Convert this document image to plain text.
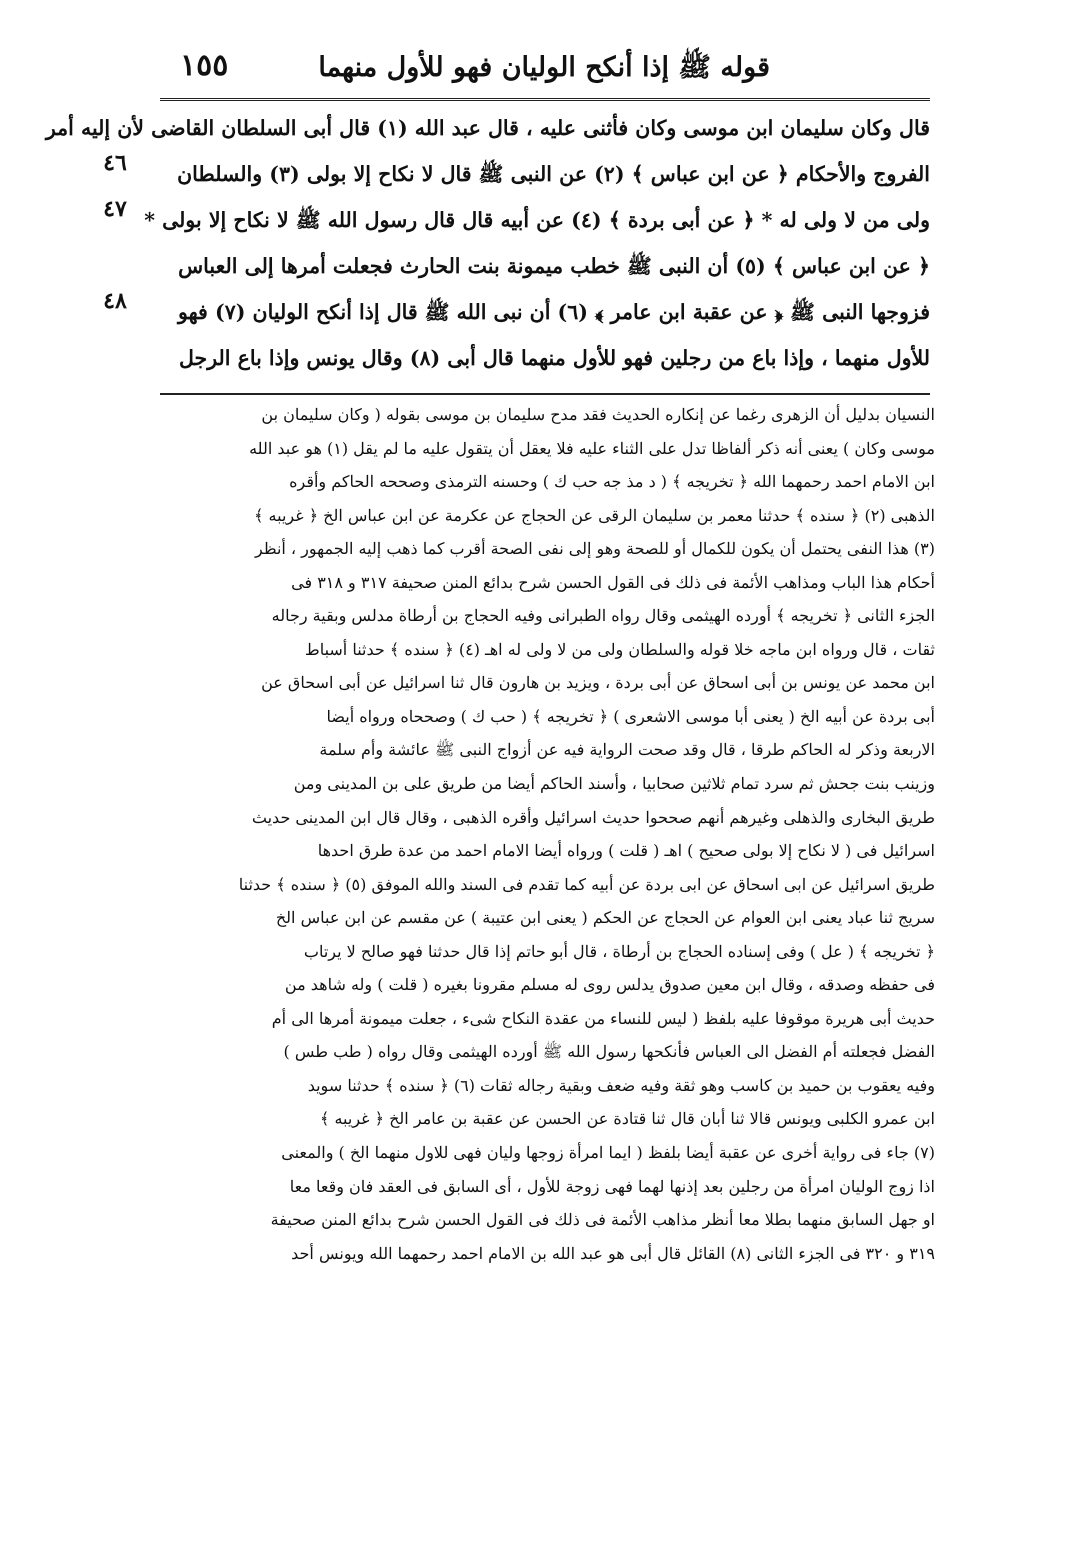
قوله ﷺ إذا أنكح الوليان فهو للأول منهما
١٥٥
قال وكان سليمان ابن موسى وكان فأثنى عليه ، قال عبد الله (١) قال أبى السلطان القاضى لأن إليه أمر
الفروج والأحكام ﴿ عن ابن عباس ﴾ (٢) عن النبى ﷺ قال لا نكاح إلا بولى (٣) والسلطان
ولى من لا ولى له * ﴿ عن أبى بردة ﴾ (٤) عن أبيه قال قال رسول الله ﷺ لا نكاح إلا بولى *
﴿ عن ابن عباس ﴾ (٥) أن النبى ﷺ خطب ميمونة بنت الحارث فجعلت أمرها إلى العباس
فزوجها النبى ﷺ ﴿ عن عقبة ابن عامر ﴾ (٦) أن نبى الله ﷺ قال إذا أنكح الوليان (٧) فهو
للأول منهما ، وإذا باع من رجلين فهو للأول منهما قال أبى (٨) وقال يونس وإذا باع الرجل
٤٦
٤٧
٤٨
النسيان بدليل أن الزهرى رغما عن إنكاره الحديث فقد مدح سليمان بن موسى بقوله ( وكان سليمان بن
موسى وكان ) يعنى أنه ذكر ألفاظا تدل على الثناء عليه فلا يعقل أن يتقول عليه ما لم يقل (١) هو عبد الله
ابن الامام احمد رحمهما الله ﴿ تخريجه ﴾ ( د مذ جه حب ك ) وحسنه الترمذى وصححه الحاكم وأقره
الذهبى (٢) ﴿ سنده ﴾ حدثنا معمر بن سليمان الرقى عن الحجاج عن عكرمة عن ابن عباس الخ ﴿ غريبه ﴾
(٣) هذا النفى يحتمل أن يكون للكمال أو للصحة وهو إلى نفى الصحة أقرب كما ذهب إليه الجمهور ، أنظر
أحكام هذا الباب ومذاهب الأئمة فى ذلك فى القول الحسن شرح بدائع المنن صحيفة ٣١٧ و ٣١٨ فى
الجزء الثانى ﴿ تخريجه ﴾ أورده الهيثمى وقال رواه الطبرانى وفيه الحجاج بن أرطاة مدلس وبقية رجاله
ثقات ، قال ورواه ابن ماجه خلا قوله والسلطان ولى من لا ولى له اهـ (٤) ﴿ سنده ﴾ حدثنا أسباط
ابن محمد عن يونس بن أبى اسحاق عن أبى بردة ، ويزيد بن هارون قال ثنا اسرائيل عن أبى اسحاق عن
أبى بردة عن أبيه الخ ( يعنى أبا موسى الاشعرى ) ﴿ تخريجه ﴾ ( حب ك ) وصححاه ورواه أيضا
الاربعة وذكر له الحاكم طرقا ، قال وقد صحت الرواية فيه عن أزواج النبى ﷺ عائشة وأم سلمة
وزينب بنت جحش ثم سرد تمام ثلاثين صحابيا ، وأسند الحاكم أيضا من طريق على بن المدينى ومن
طريق البخارى والذهلى وغيرهم أنهم صححوا حديث اسرائيل وأقره الذهبى ، وقال قال ابن المدينى حديث
اسرائيل فى ( لا نكاح إلا بولى صحيح ) اهـ ( قلت ) ورواه أيضا الامام احمد من عدة طرق احدها
طريق اسرائيل عن ابى اسحاق عن ابى بردة عن أبيه كما تقدم فى السند والله الموفق (٥) ﴿ سنده ﴾ حدثنا
سريج ثنا عباد يعنى ابن العوام عن الحجاج عن الحكم ( يعنى ابن عتيبة ) عن مقسم عن ابن عباس الخ
﴿ تخريجه ﴾ ( عل ) وفى إسناده الحجاج بن أرطاة ، قال أبو حاتم إذا قال حدثنا فهو صالح لا يرتاب
فى حفظه وصدقه ، وقال ابن معين صدوق يدلس روى له مسلم مقرونا بغيره ( قلت ) وله شاهد من
حديث أبى هريرة موقوفا عليه بلفظ ( ليس للنساء من عقدة النكاح شىء ، جعلت ميمونة أمرها الى أم
الفضل فجعلته أم الفضل الى العباس فأنكحها رسول الله ﷺ أورده الهيثمى وقال رواه ( طب طس )
وفيه يعقوب بن حميد بن كاسب وهو ثقة وفيه ضعف وبقية رجاله ثقات (٦) ﴿ سنده ﴾ حدثنا سويد
ابن عمرو الكلبى ويونس قالا ثنا أبان قال ثنا قتادة عن الحسن عن عقبة بن عامر الخ ﴿ غريبه ﴾
(٧) جاء فى رواية أخرى عن عقبة أيضا بلفظ ( ايما امرأة زوجها وليان فهى للاول منهما الخ ) والمعنى
اذا زوج الوليان امرأة من رجلين بعد إذنها لهما فهى زوجة للأول ، أى السابق فى العقد فان وقعا معا
او جهل السابق منهما بطلا معا أنظر مذاهب الأئمة فى ذلك فى القول الحسن شرح بدائع المنن صحيفة
٣١٩ و ٣٢٠ فى الجزء الثانى (٨) القائل قال أبى هو عبد الله بن الامام احمد رحمهما الله ويونس أحد
